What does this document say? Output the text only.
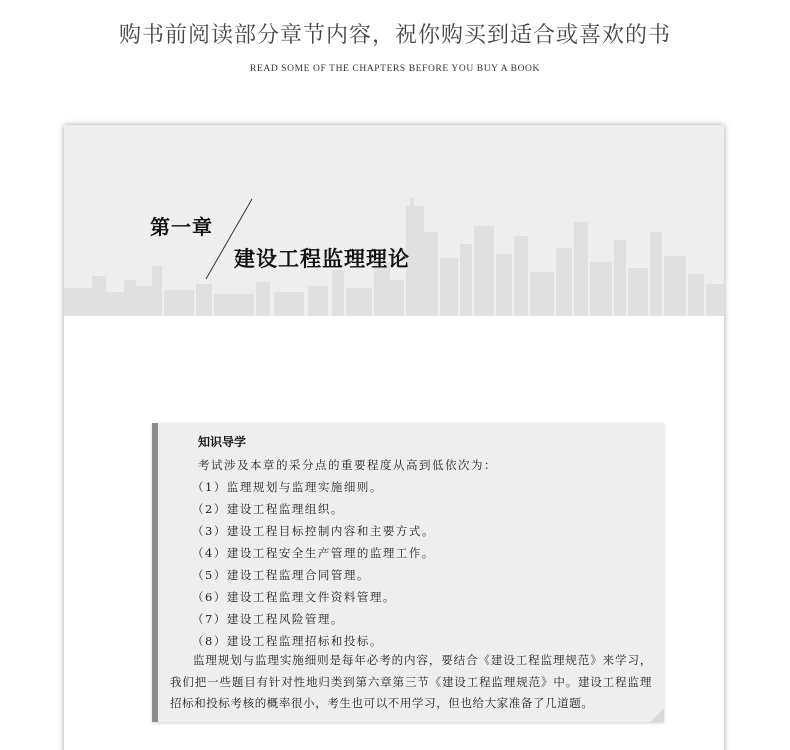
购书前阅读部分章节内容，祝你购买到适合或喜欢的书
READ SOME OF THE CHAPTERS BEFORE YOU BUY A BOOK
第一章
建设工程监理理论
知识导学
考试涉及本章的采分点的重要程度从高到低依次为：
（1）监理规划与监理实施细则。
（2）建设工程监理组织。
（3）建设工程目标控制内容和主要方式。
（4）建设工程安全生产管理的监理工作。
（5）建设工程监理合同管理。
（6）建设工程监理文件资料管理。
（7）建设工程风险管理。
（8）建设工程监理招标和投标。
监理规划与监理实施细则是每年必考的内容，要结合《建设工程监理规范》来学习，我们把一些题目有针对性地归类到第六章第三节《建设工程监理规范》中。建设工程监理招标和投标考核的概率很小，考生也可以不用学习，但也给大家准备了几道题。
